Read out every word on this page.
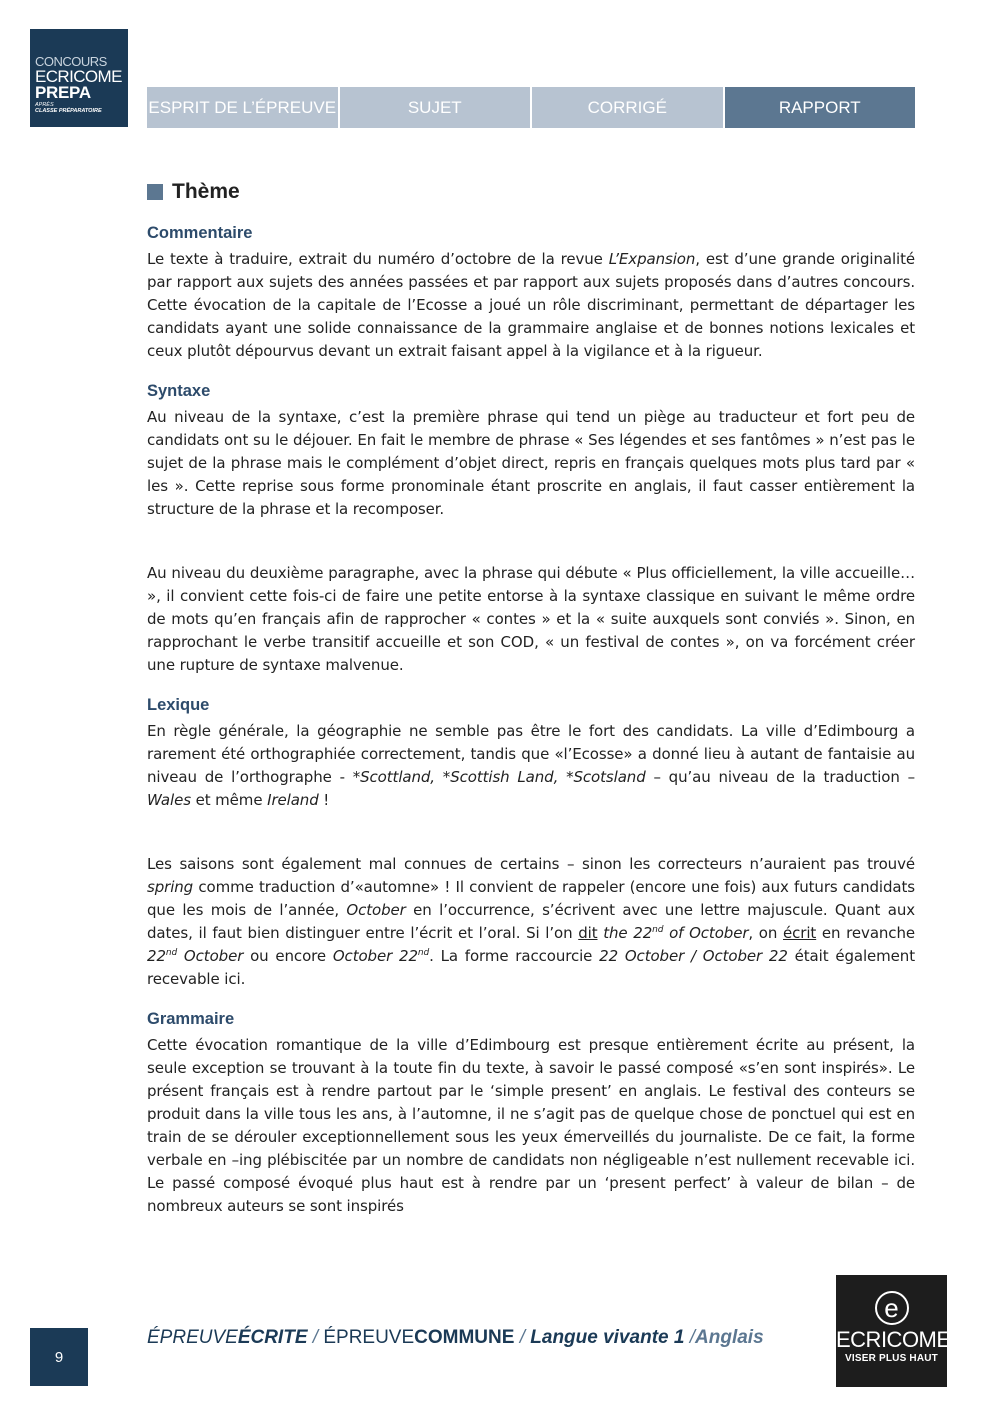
CONCOURS
ECRICOME
PREPA
APRÈS
CLASSE PRÉPARATOIRE	ESPRIT DE L’ÉPREUVE	SUJET	CORRIGÉ	RAPPORT
Thème
Commentaire

Le texte à traduire, extrait du numéro d’octobre de la revue L’Expansion, est d’une grande originalité par rapport aux sujets des années passées et par rapport aux sujets proposés dans d’autres concours. Cette évocation de la capitale de l’Ecosse a joué un rôle discriminant, permettant de départager les candidats ayant une solide connaissance de la grammaire anglaise et de bonnes notions lexicales et ceux plutôt dépourvus devant un extrait faisant appel à la vigilance et à la rigueur.

Syntaxe

Au niveau de la syntaxe, c’est la première phrase qui tend un piège au traducteur et fort peu de candidats ont su le déjouer. En fait le membre de phrase « Ses légendes et ses fantômes » n’est pas le sujet de la phrase mais le complément d’objet direct, repris en français quelques mots plus tard par « les ». Cette reprise sous forme pronominale étant proscrite en anglais, il faut casser entièrement la structure de la phrase et la recomposer.

Au niveau du deuxième paragraphe, avec la phrase qui débute « Plus officiellement, la ville accueille… », il convient cette fois-ci de faire une petite entorse à la syntaxe classique en suivant le même ordre de mots qu’en français afin de rapprocher « contes » et la « suite auxquels sont conviés ». Sinon, en rapprochant le verbe transitif accueille et son COD, « un festival de contes », on va forcément créer une rupture de syntaxe malvenue.

Lexique

En règle générale, la géographie ne semble pas être le fort des candidats. La ville d’Edimbourg a rarement été orthographiée correctement, tandis que «l’Ecosse» a donné lieu à autant de fantaisie au niveau de l’orthographe - *Scottland, *Scottish Land, *Scotsland – qu’au niveau de la traduction – Wales et même Ireland !

Les saisons sont également mal connues de certains – sinon les correcteurs n’auraient pas trouvé spring comme traduction d’«automne» ! Il convient de rappeler (encore une fois) aux futurs candidats que les mois de l’année, October en l’occurrence, s’écrivent avec une lettre majuscule. Quant aux dates, il faut bien distinguer entre l’écrit et l’oral. Si l’on dit the 22nd of October, on écrit en revanche 22nd October ou encore October 22nd. La forme raccourcie 22 October / October 22 était également recevable ici.

Grammaire

Cette évocation romantique de la ville d’Edimbourg est presque entièrement écrite au présent, la seule exception se trouvant à la toute fin du texte, à savoir le passé composé «s’en sont inspirés». Le présent français est à rendre partout par le ‘simple present’ en anglais. Le festival des conteurs se produit dans la ville tous les ans, à l’automne, il ne s’agit pas de quelque chose de ponctuel qui est en train de se dérouler exceptionnellement sous les yeux émerveillés du journaliste. De ce fait, la forme verbale en –ing plébiscitée par un nombre de candidats non négligeable n’est nullement recevable ici. Le passé composé évoqué plus haut est à rendre par un ‘present perfect’ à valeur de bilan – de nombreux auteurs se sont inspirés

9
ÉPREUVEÉCRITE / ÉPREUVECOMMUNE / Langue vivante 1 /Anglais
e
ECRICOME
VISER PLUS HAUT
